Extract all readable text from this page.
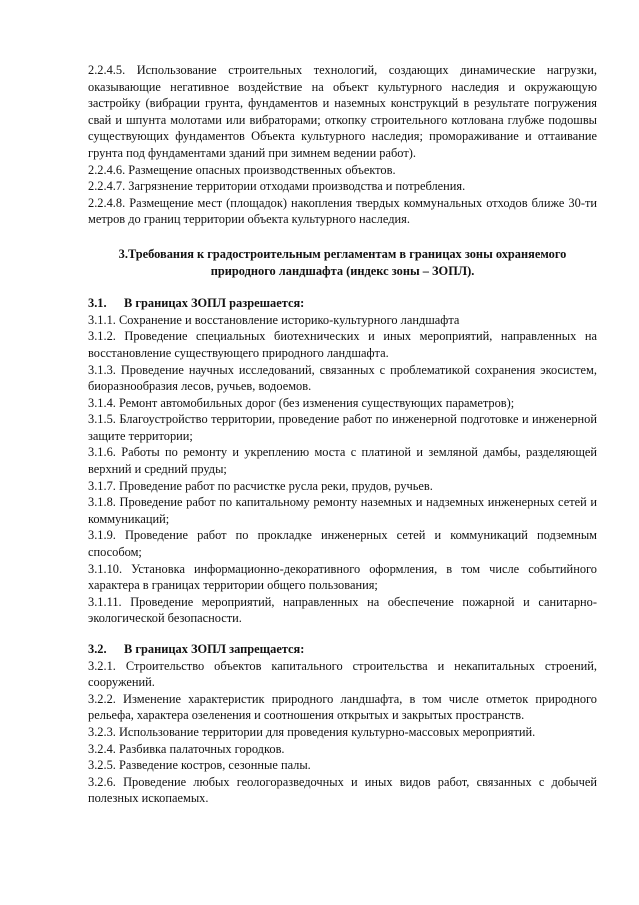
2.2.4.5. Использование строительных технологий, создающих динамические нагрузки, оказывающие негативное воздействие на объект культурного наследия и окружающую застройку (вибрации грунта, фундаментов и наземных конструкций в результате погружения свай и шпунта молотами или вибраторами; откопку строительного котлована глубже подошвы существующих фундаментов Объекта культурного наследия; промораживание и оттаивание грунта под фундаментами зданий при зимнем ведении работ).

2.2.4.6. Размещение опасных производственных объектов.

2.2.4.7. Загрязнение территории отходами производства и потребления.

2.2.4.8. Размещение мест (площадок) накопления твердых коммунальных отходов ближе 30-ти метров до границ территории объекта культурного наследия.

3.Требования к градостроительным регламентам в границах зоны охраняемого природного ландшафта (индекс зоны – ЗОПЛ).

3.1. В границах ЗОПЛ разрешается:

3.1.1. Сохранение и восстановление историко-культурного ландшафта

3.1.2. Проведение специальных биотехнических и иных мероприятий, направленных на восстановление существующего природного ландшафта.

3.1.3. Проведение научных исследований, связанных с проблематикой сохранения экосистем, биоразнообразия лесов, ручьев, водоемов.

3.1.4. Ремонт автомобильных дорог (без изменения существующих параметров);

3.1.5. Благоустройство территории, проведение работ по инженерной подготовке и инженерной защите территории;

3.1.6. Работы по ремонту и укреплению моста с платиной и земляной дамбы, разделяющей верхний и средний пруды;

3.1.7. Проведение работ по расчистке русла реки, прудов, ручьев.

3.1.8. Проведение работ по капитальному ремонту наземных и надземных инженерных сетей и коммуникаций;

3.1.9. Проведение работ по прокладке инженерных сетей и коммуникаций подземным способом;

3.1.10. Установка информационно-декоративного оформления, в том числе событийного характера в границах территории общего пользования;

3.1.11. Проведение мероприятий, направленных на обеспечение пожарной и санитарно-экологической безопасности.

3.2. В границах ЗОПЛ запрещается:

3.2.1. Строительство объектов капитального строительства и некапитальных строений, сооружений.

3.2.2. Изменение характеристик природного ландшафта, в том числе отметок природного рельефа, характера озеленения и соотношения открытых и закрытых пространств.

3.2.3. Использование территории для проведения культурно-массовых мероприятий.

3.2.4. Разбивка палаточных городков.

3.2.5. Разведение костров, сезонные палы.

3.2.6. Проведение любых геологоразведочных и иных видов работ, связанных с добычей полезных ископаемых.
